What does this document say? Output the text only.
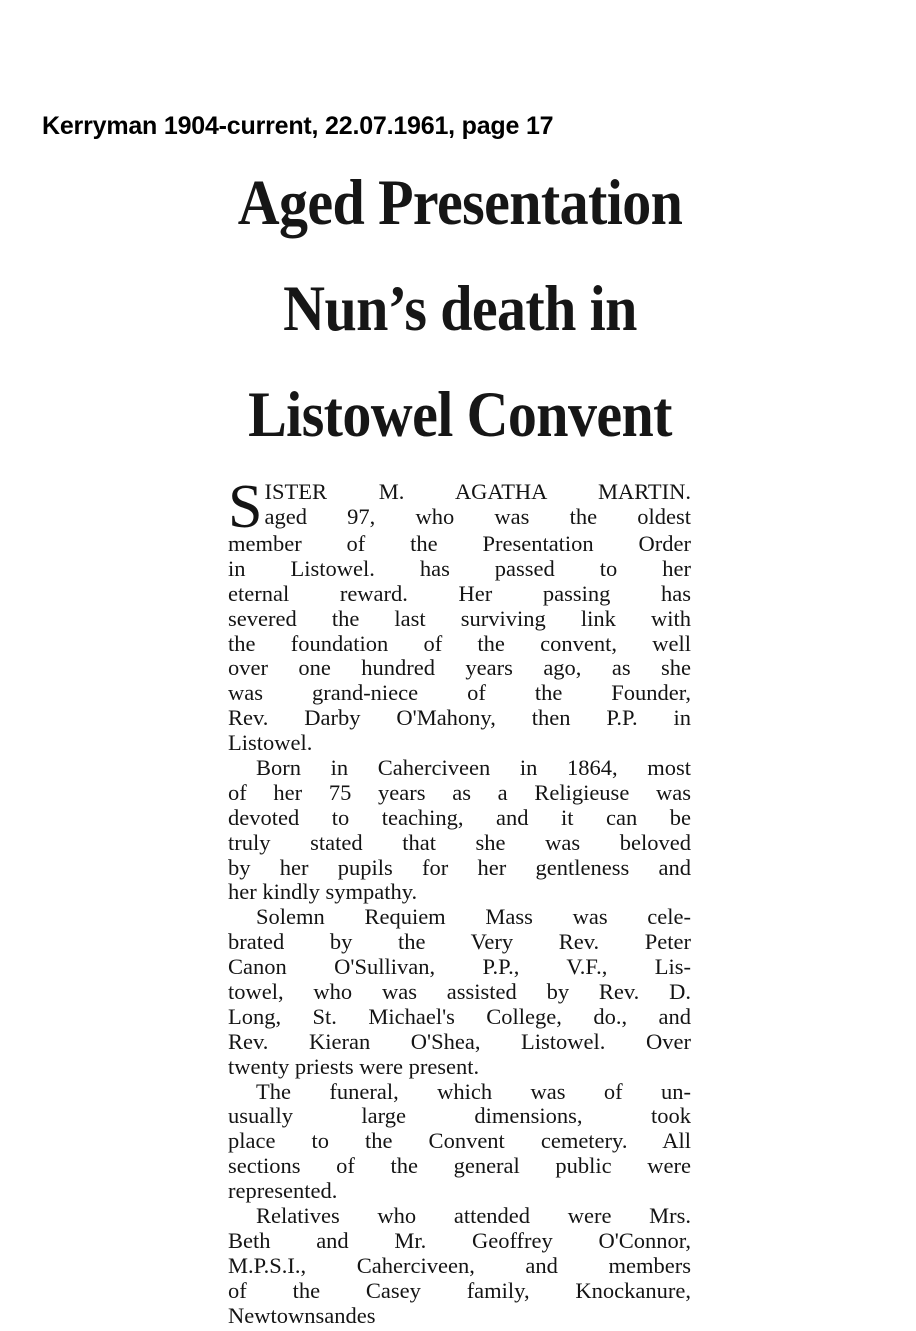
Kerryman 1904-current, 22.07.1961, page 17
Aged Presentation
Nun’s death in
Listowel Convent
S ISTER M. AGATHA MARTIN.
aged 97, who was the oldest
member of the Presentation Order
in Listowel. has passed to her
eternal reward. Her passing has
severed the last surviving link with
the foundation of the convent, well
over one hundred years ago, as she
was grand-niece of the Founder,
Rev. Darby O'Mahony, then P.P. in
Listowel.
Born in Caherciveen in 1864, most
of her 75 years as a Religieuse was
devoted to teaching, and it can be
truly stated that she was beloved
by her pupils for her gentleness and
her kindly sympathy.
Solemn Requiem Mass was cele-
brated by the Very Rev. Peter
Canon O'Sullivan, P.P., V.F., Lis-
towel, who was assisted by Rev. D.
Long, St. Michael's College, do., and
Rev. Kieran O'Shea, Listowel. Over
twenty priests were present.
The funeral, which was of un-
usually large dimensions, took
place to the Convent cemetery. All
sections of the general public were
represented.
Relatives who attended were Mrs.
Beth and Mr. Geoffrey O'Connor,
M.P.S.I., Caherciveen, and members
of the Casey family, Knockanure,
Newtownsandes
